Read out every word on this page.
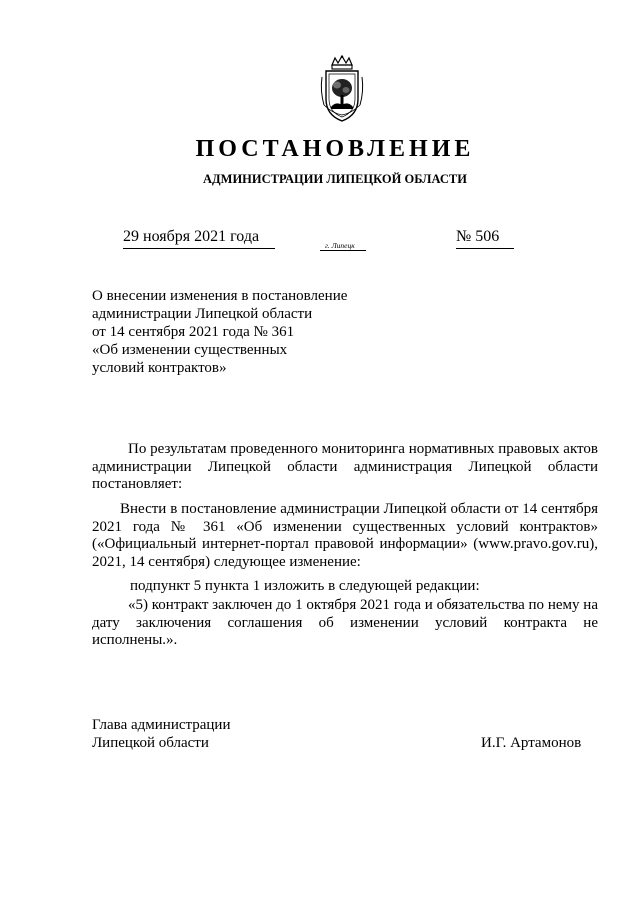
ПОСТАНОВЛЕНИЕ
АДМИНИСТРАЦИИ ЛИПЕЦКОЙ ОБЛАСТИ
29 ноября 2021 года
г. Липецк
№ 506
О внесении изменения в постановление
администрации Липецкой области
от 14 сентября 2021 года № 361
«Об изменении существенных
условий контрактов»
По результатам проведенного мониторинга нормативных правовых актов администрации Липецкой области администрация Липецкой области постановляет:
Внести в постановление администрации Липецкой области от 14 сентября 2021 года № 361 «Об изменении существенных условий контрактов» («Официальный интернет-портал правовой информации» (www.pravo.gov.ru), 2021, 14 сентября) следующее изменение:
подпункт 5 пункта 1 изложить в следующей редакции:
«5) контракт заключен до 1 октября 2021 года и обязательства по нему на дату заключения соглашения об изменении условий контракта не исполнены.».
Глава администрации
Липецкой области	И.Г. Артамонов
